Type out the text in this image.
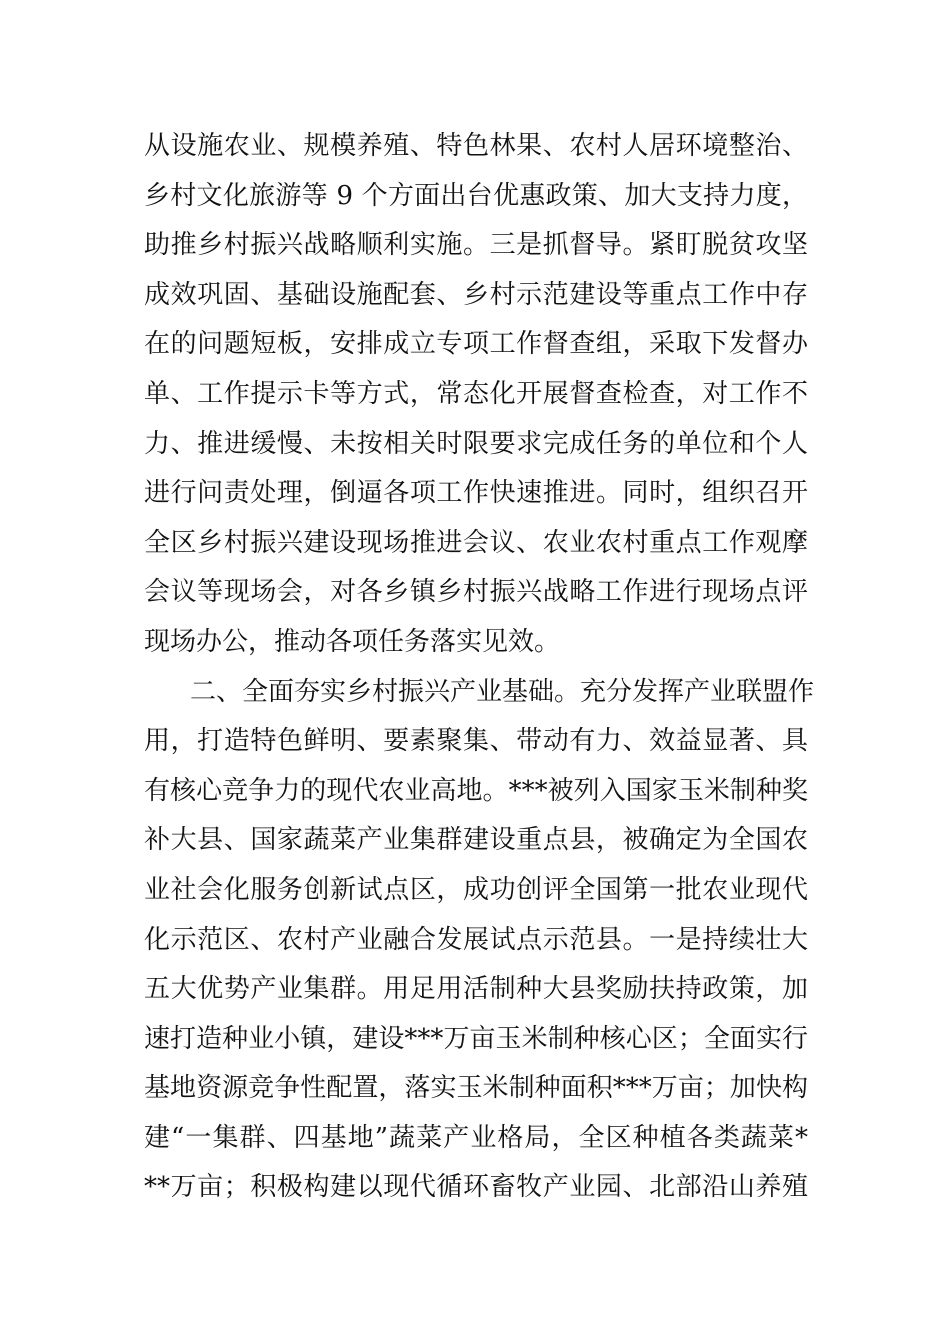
从设施农业、规模养殖、特色林果、农村人居环境整治、
乡村文化旅游等 9 个方面出台优惠政策、加大支持力度，
助推乡村振兴战略顺利实施。三是抓督导。紧盯脱贫攻坚
成效巩固、基础设施配套、乡村示范建设等重点工作中存
在的问题短板，安排成立专项工作督查组，采取下发督办
单、工作提示卡等方式，常态化开展督查检查，对工作不
力、推进缓慢、未按相关时限要求完成任务的单位和个人
进行问责处理，倒逼各项工作快速推进。同时，组织召开
全区乡村振兴建设现场推进会议、农业农村重点工作观摩
会议等现场会，对各乡镇乡村振兴战略工作进行现场点评
现场办公，推动各项任务落实见效。
二、全面夯实乡村振兴产业基础。充分发挥产业联盟作
用，打造特色鲜明、要素聚集、带动有力、效益显著、具
有核心竞争力的现代农业高地。***被列入国家玉米制种奖
补大县、国家蔬菜产业集群建设重点县，被确定为全国农
业社会化服务创新试点区，成功创评全国第一批农业现代
化示范区、农村产业融合发展试点示范县。一是持续壮大
五大优势产业集群。用足用活制种大县奖励扶持政策，加
速打造种业小镇，建设***万亩玉米制种核心区；全面实行
基地资源竞争性配置，落实玉米制种面积***万亩；加快构
建“一集群、四基地”蔬菜产业格局，全区种植各类蔬菜*
**万亩；积极构建以现代循环畜牧产业园、北部沿山养殖
